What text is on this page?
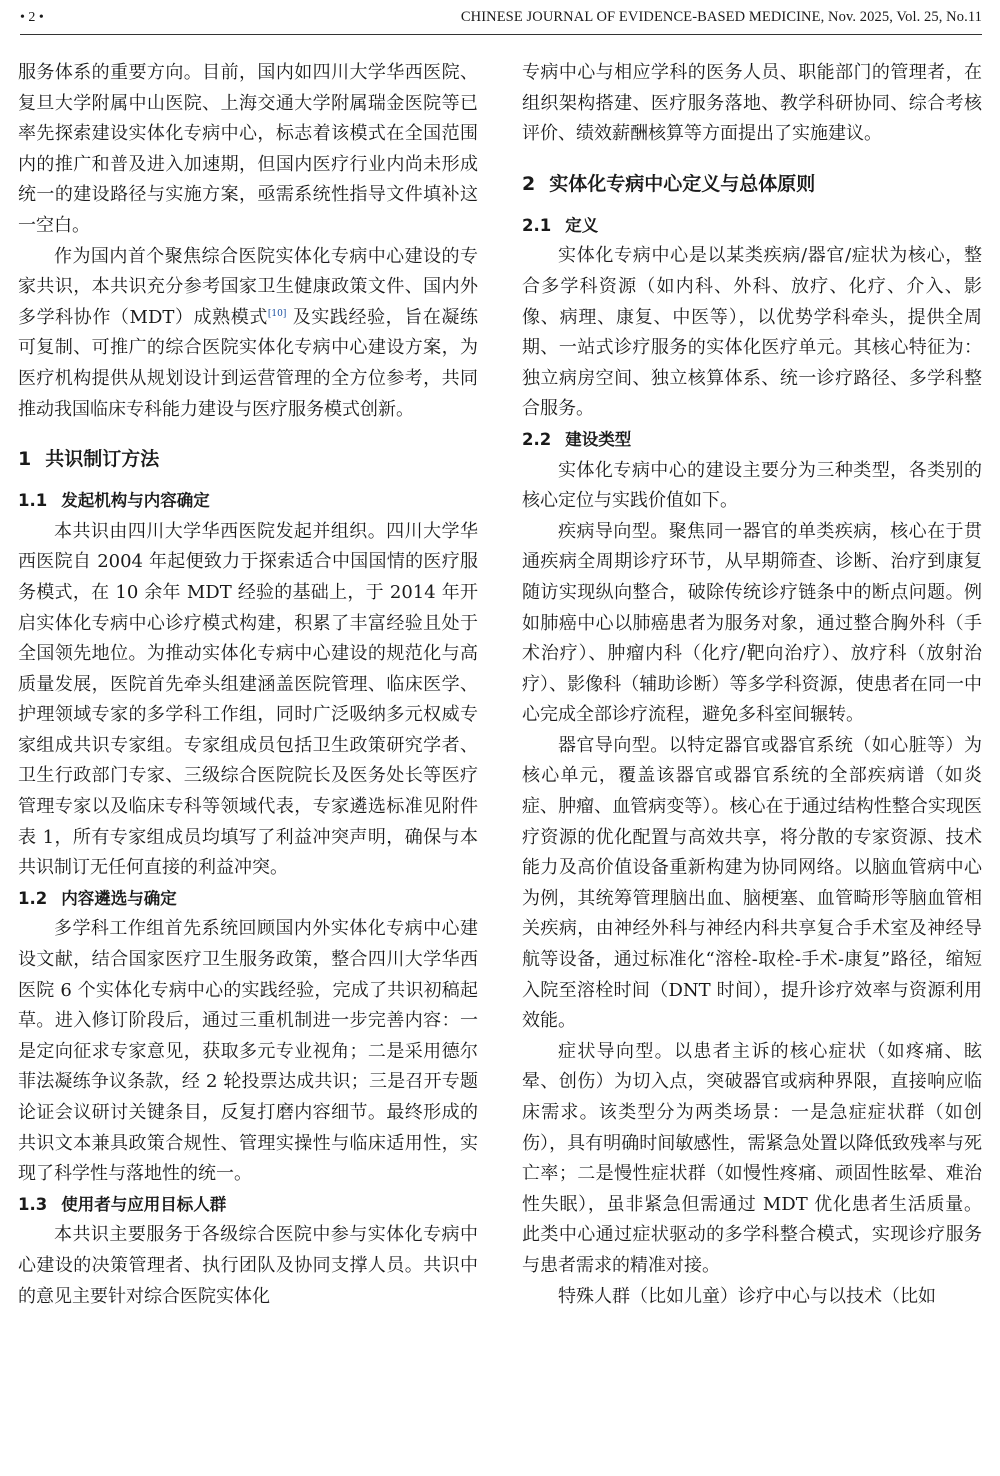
• 2 •	CHINESE JOURNAL OF EVIDENCE-BASED MEDICINE, Nov. 2025, Vol. 25, No.11

服务体系的重要方向。目前，国内如四川大学华西医院、复旦大学附属中山医院、上海交通大学附属瑞金医院等已率先探索建设实体化专病中心，标志着该模式在全国范围内的推广和普及进入加速期，但国内医疗行业内尚未形成统一的建设路径与实施方案，亟需系统性指导文件填补这一空白。

作为国内首个聚焦综合医院实体化专病中心建设的专家共识，本共识充分参考国家卫生健康政策文件、国内外多学科协作（MDT）成熟模式[10] 及实践经验，旨在凝练可复制、可推广的综合医院实体化专病中心建设方案，为医疗机构提供从规划设计到运营管理的全方位参考，共同推动我国临床专科能力建设与医疗服务模式创新。

1 共识制订方法
1.1 发起机构与内容确定

本共识由四川大学华西医院发起并组织。四川大学华西医院自 2004 年起便致力于探索适合中国国情的医疗服务模式，在 10 余年 MDT 经验的基础上，于 2014 年开启实体化专病中心诊疗模式构建，积累了丰富经验且处于全国领先地位。为推动实体化专病中心建设的规范化与高质量发展，医院首先牵头组建涵盖医院管理、临床医学、护理领域专家的多学科工作组，同时广泛吸纳多元权威专家组成共识专家组。专家组成员包括卫生政策研究学者、卫生行政部门专家、三级综合医院院长及医务处长等医疗管理专家以及临床专科等领域代表，专家遴选标准见附件表 1，所有专家组成员均填写了利益冲突声明，确保与本共识制订无任何直接的利益冲突。

1.2 内容遴选与确定

多学科工作组首先系统回顾国内外实体化专病中心建设文献，结合国家医疗卫生服务政策，整合四川大学华西医院 6 个实体化专病中心的实践经验，完成了共识初稿起草。进入修订阶段后，通过三重机制进一步完善内容：一是定向征求专家意见，获取多元专业视角；二是采用德尔菲法凝练争议条款，经 2 轮投票达成共识；三是召开专题论证会议研讨关键条目，反复打磨内容细节。最终形成的共识文本兼具政策合规性、管理实操性与临床适用性，实现了科学性与落地性的统一。

1.3 使用者与应用目标人群

本共识主要服务于各级综合医院中参与实体化专病中心建设的决策管理者、执行团队及协同支撑人员。共识中的意见主要针对综合医院实体化

专病中心与相应学科的医务人员、职能部门的管理者，在组织架构搭建、医疗服务落地、教学科研协同、综合考核评价、绩效薪酬核算等方面提出了实施建议。

2 实体化专病中心定义与总体原则
2.1 定义

实体化专病中心是以某类疾病/器官/症状为核心，整合多学科资源（如内科、外科、放疗、化疗、介入、影像、病理、康复、中医等），以优势学科牵头，提供全周期、一站式诊疗服务的实体化医疗单元。其核心特征为：独立病房空间、独立核算体系、统一诊疗路径、多学科整合服务。

2.2 建设类型

实体化专病中心的建设主要分为三种类型，各类别的核心定位与实践价值如下。

疾病导向型。聚焦同一器官的单类疾病，核心在于贯通疾病全周期诊疗环节，从早期筛查、诊断、治疗到康复随访实现纵向整合，破除传统诊疗链条中的断点问题。例如肺癌中心以肺癌患者为服务对象，通过整合胸外科（手术治疗）、肿瘤内科（化疗/靶向治疗）、放疗科（放射治疗）、影像科（辅助诊断）等多学科资源，使患者在同一中心完成全部诊疗流程，避免多科室间辗转。

器官导向型。以特定器官或器官系统（如心脏等）为核心单元，覆盖该器官或器官系统的全部疾病谱（如炎症、肿瘤、血管病变等）。核心在于通过结构性整合实现医疗资源的优化配置与高效共享，将分散的专家资源、技术能力及高价值设备重新构建为协同网络。以脑血管病中心为例，其统筹管理脑出血、脑梗塞、血管畸形等脑血管相关疾病，由神经外科与神经内科共享复合手术室及神经导航等设备，通过标准化“溶栓-取栓-手术-康复”路径，缩短入院至溶栓时间（DNT 时间），提升诊疗效率与资源利用效能。

症状导向型。以患者主诉的核心症状（如疼痛、眩晕、创伤）为切入点，突破器官或病种界限，直接响应临床需求。该类型分为两类场景：一是急症症状群（如创伤），具有明确时间敏感性，需紧急处置以降低致残率与死亡率；二是慢性症状群（如慢性疼痛、顽固性眩晕、难治性失眠），虽非紧急但需通过 MDT 优化患者生活质量。此类中心通过症状驱动的多学科整合模式，实现诊疗服务与患者需求的精准对接。

特殊人群（比如儿童）诊疗中心与以技术（比如
